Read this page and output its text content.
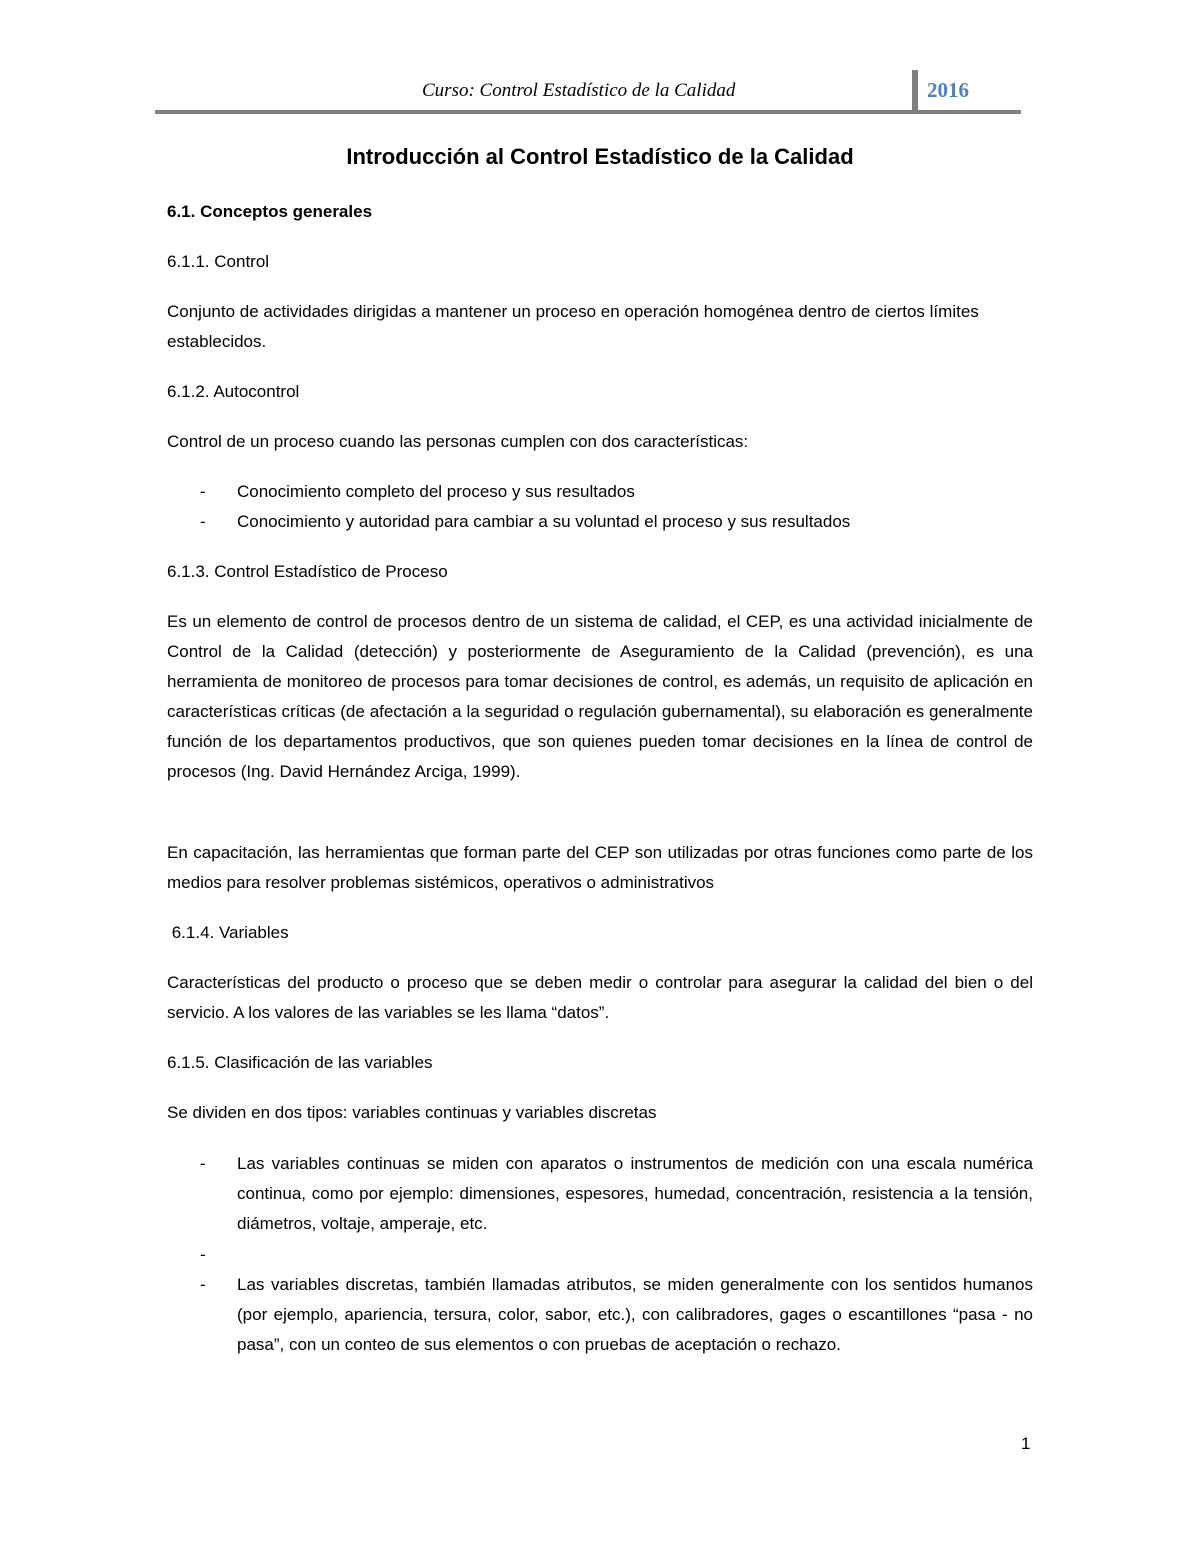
Curso: Control Estadístico de la Calidad	2016
Introducción al Control Estadístico de la Calidad
6.1. Conceptos generales
6.1.1. Control
Conjunto de actividades dirigidas a mantener un proceso en operación homogénea dentro de ciertos límites establecidos.
6.1.2. Autocontrol
Control de un proceso cuando las personas cumplen con dos características:
- Conocimiento completo del proceso y sus resultados
- Conocimiento y autoridad para cambiar a su voluntad el proceso y sus resultados
6.1.3. Control Estadístico de Proceso
Es un elemento de control de procesos dentro de un sistema de calidad, el CEP, es una actividad inicialmente de Control de la Calidad (detección) y posteriormente de Aseguramiento de la Calidad (prevención), es una herramienta de monitoreo de procesos para tomar decisiones de control, es además, un requisito de aplicación en características críticas (de afectación a la seguridad o regulación gubernamental), su elaboración es generalmente función de los departamentos productivos, que son quienes pueden tomar decisiones en la línea de control de procesos (Ing. David Hernández Arciga, 1999).
En capacitación, las herramientas que forman parte del CEP son utilizadas por otras funciones como parte de los medios para resolver problemas sistémicos, operativos o administrativos
6.1.4. Variables
Características del producto o proceso que se deben medir o controlar para asegurar la calidad del bien o del servicio. A los valores de las variables se les llama “datos”.
6.1.5. Clasificación de las variables
Se dividen en dos tipos: variables continuas y variables discretas
- Las variables continuas se miden con aparatos o instrumentos de medición con una escala numérica continua, como por ejemplo: dimensiones, espesores, humedad, concentración, resistencia a la tensión, diámetros, voltaje, amperaje, etc.
-
- Las variables discretas, también llamadas atributos, se miden generalmente con los sentidos humanos (por ejemplo, apariencia, tersura, color, sabor, etc.), con calibradores, gages o escantillones “pasa - no pasa”, con un conteo de sus elementos o con pruebas de aceptación o rechazo.
1
